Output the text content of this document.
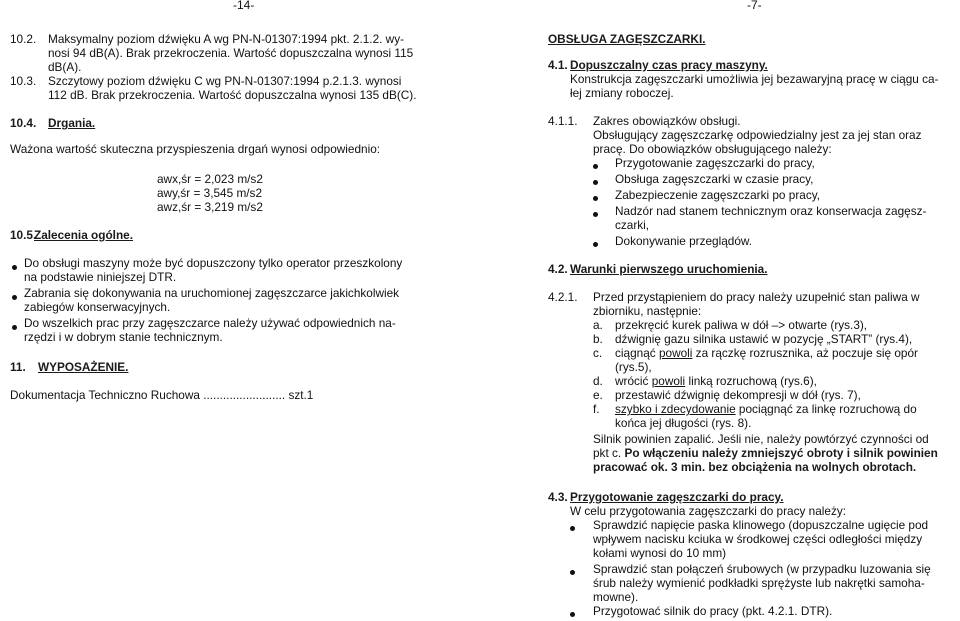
-14-
10.2. Maksymalny poziom dźwięku A wg PN-N-01307:1994 pkt. 2.1.2. wy-
nosi 94 dB(A). Brak przekroczenia. Wartość dopuszczalna wynosi 115
dB(A).
10.3. Szczytowy poziom dźwięku C wg PN-N-01307:1994 p.2.1.3. wynosi
112 dB. Brak przekroczenia. Wartość dopuszczalna wynosi 135 dB(C).
10.4. Drgania.
Ważona wartość skuteczna przyspieszenia drgań wynosi odpowiednio:
awx,śr = 2,023 m/s2
awy,śr = 3,545 m/s2
awz,śr = 3,219 m/s2
10.5.
Zalecenia ogólne.
Do obsługi maszyny może być dopuszczony tylko operator przeszkolony
na podstawie niniejszej DTR.
Zabrania się dokonywania na uruchomionej zagęszczarce jakichkolwiek
zabiegów konserwacyjnych.
Do wszelkich prac przy zagęszczarce należy używać odpowiednich na-
rzędzi i w dobrym stanie technicznym.
11. WYPOSAŻENIE.
Dokumentacja Techniczno Ruchowa ......................... szt.1
-7-
OBSŁUGA ZAGĘSZCZARKI.
4.1. Dopuszczalny czas pracy maszyny.
Konstrukcja zagęszczarki umożliwia jej bezawaryjną pracę w ciągu ca-
łej zmiany roboczej.
4.1.1. Zakres obowiązków obsługi.
Obsługujący zagęszczarkę odpowiedzialny jest za jej stan oraz
pracę. Do obowiązków obsługującego należy:
Przygotowanie zagęszczarki do pracy,
Obsługa zagęszczarki w czasie pracy,
Zabezpieczenie zagęszczarki po pracy,
Nadzór nad stanem technicznym oraz konserwacja zagęsz-
czarki,
Dokonywanie przeglądów.
4.2. Warunki pierwszego uruchomienia.
4.2.1. Przed przystąpieniem do pracy należy uzupełnić stan paliwa w
zbiorniku, następnie:
a. przekręcić kurek paliwa w dół –> otwarte (rys.3),
b. dźwignię gazu silnika ustawić w pozycję „START” (rys.4),
c. ciągnąć powoli za rączkę rozrusznika, aż poczuje się opór
(rys.5),
d. wrócić powoli linką rozruchową (rys.6),
e. przestawić dźwignię dekompresji w dół (rys. 7),
f. szybko i zdecydowanie pociągnąć za linkę rozruchową do
końca jej długości (rys. 8).
Silnik powinien zapalić. Jeśli nie, należy powtórzyć czynności od
pkt c. Po włączeniu należy zmniejszyć obroty i silnik powinien
pracować ok. 3 min. bez obciążenia na wolnych obrotach.
4.3. Przygotowanie zagęszczarki do pracy.
W celu przygotowania zagęszczarki do pracy należy:
Sprawdzić napięcie paska klinowego (dopuszczalne ugięcie pod
wpływem nacisku kciuka w środkowej części odległości między
kołami wynosi do 10 mm)
Sprawdzić stan połączeń śrubowych (w przypadku luzowania się
śrub należy wymienić podkładki sprężyste lub nakrętki samoha-
mowne).
Przygotować silnik do pracy (pkt. 4.2.1. DTR).
